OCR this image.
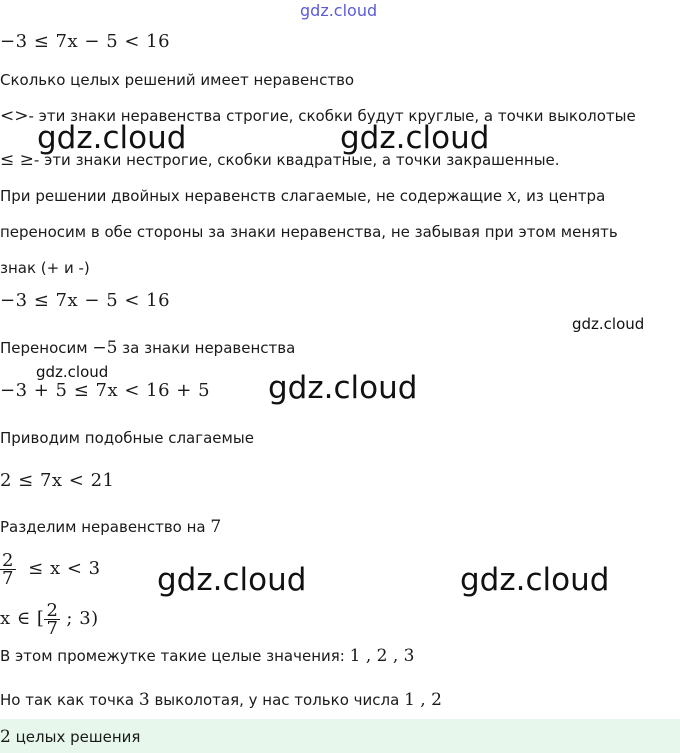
gdz.cloud
gdz.cloud	gdz.cloud
gdz.cloud
gdz.cloud	gdz.cloud
gdz.cloud	gdz.cloud
−3 ≤ 7x − 5 < 16
Сколько целых решений имеет неравенство
<>- эти знаки неравенства строгие, скобки будут круглые, а точки выколотые
≤ ≥- эти знаки нестрогие, скобки квадратные, а точки закрашенные.
При решении двойных неравенств слагаемые, не содержащие x, из центра
переносим в обе стороны за знаки неравенства, не забывая при этом менять
знак (+ и -)
−3 ≤ 7x − 5 < 16
Переносим −5 за знаки неравенства
−3 + 5 ≤ 7x < 16 + 5
Приводим подобные слагаемые
2 ≤ 7x < 21
Разделим неравенство на 7
$\frac{2}{7} \le x < 3$
x ∈ [ $\frac{2}{7}$ ; 3)
В этом промежутке такие целые значения: 1 , 2 , 3
Но так как точка 3 выколотая, у нас только числа 1 , 2
2 целых решения
